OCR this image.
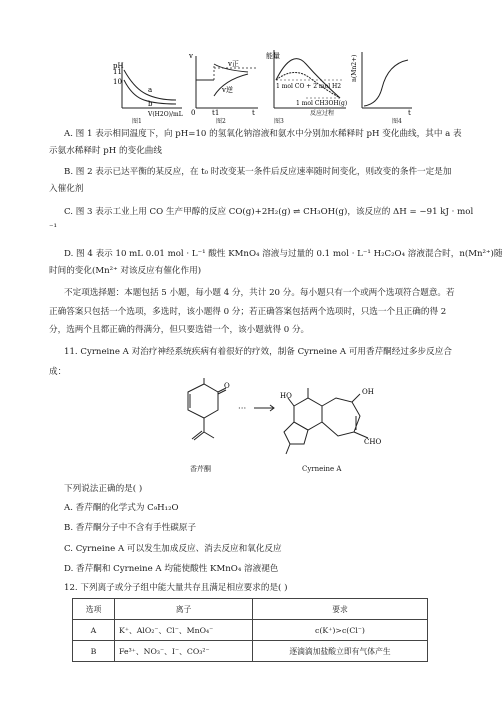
pH
11
10
a
b
V(H2O)/mL
图1
v
v正
v逆
0 t1	t
图2
能量
1 mol CO + 2 mol H2
1 mol CH3OH(g)
反应过程
图3
n(Mn2+)
t
图4
A. 图 1 表示相同温度下，向 pH=10 的氢氧化钠溶液和氨水中分别加水稀释时 pH 变化曲线，其中 a 表
示氨水稀释时 pH 的变化曲线
B. 图 2 表示已达平衡的某反应，在 t₀ 时改变某一条件后反应速率随时间变化，则改变的条件一定是加
入催化剂
C. 图 3 表示工业上用 CO 生产甲醇的反应 CO(g)+2H₂(g) ⇌ CH₃OH(g)，该反应的 ΔH = −91 kJ · mol
⁻¹
D. 图 4 表示 10 mL 0.01 mol · L⁻¹ 酸性 KMnO₄ 溶液与过量的 0.1 mol · L⁻¹ H₂C₂O₄ 溶液混合时，n(Mn²⁺)随
时间的变化(Mn²⁺ 对该反应有催化作用)
不定项选择题：本题包括 5 小题，每小题 4 分，共计 20 分。每小题只有一个或两个选项符合题意。若
正确答案只包括一个选项，多选时，该小题得 0 分；若正确答案包括两个选项时，只选一个且正确的得 2
分，选两个且都正确的得满分，但只要选错一个，该小题就得 0 分。
11. Cyrneine A 对治疗神经系统疾病有着很好的疗效，制备 Cyrneine A 可用香芹酮经过多步反应合
成：
O
香芹酮
··· →
HO	OH
CHO
Cyrneine A
下列说法正确的是( )
A. 香芹酮的化学式为 C₉H₁₂O
B. 香芹酮分子中不含有手性碳原子
C. Cyrneine A 可以发生加成反应、消去反应和氧化反应
D. 香芹酮和 Cyrneine A 均能使酸性 KMnO₄ 溶液褪色
12. 下列离子或分子组中能大量共存且满足相应要求的是( )
选项	离子	要求
A	K⁺、AlO₂⁻、Cl⁻、MnO₄⁻	c(K⁺)>c(Cl⁻)
B	Fe³⁺、NO₃⁻、I⁻、CO₃²⁻	逐滴滴加盐酸立即有气体产生
